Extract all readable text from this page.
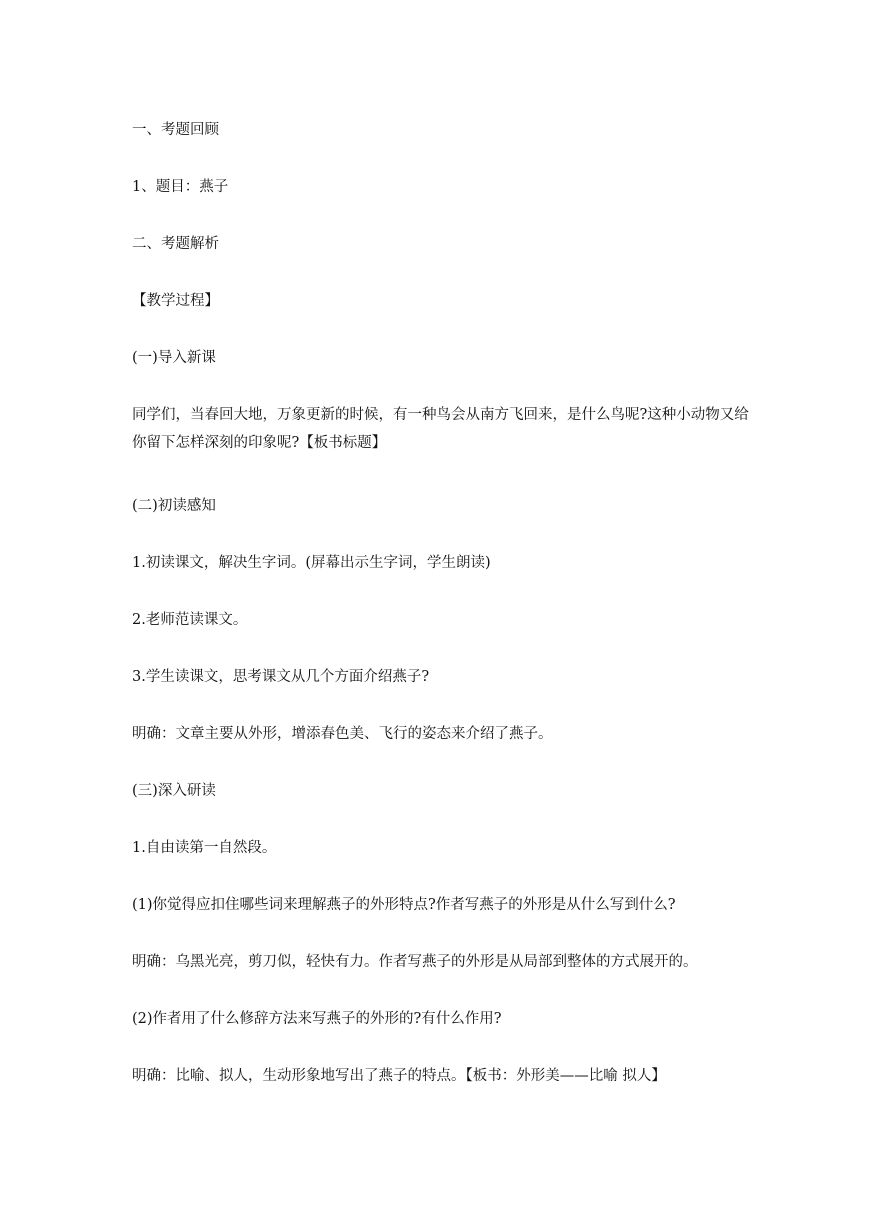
一、考题回顾
1、题目：燕子
二、考题解析
【教学过程】
(一)导入新课
同学们，当春回大地，万象更新的时候，有一种鸟会从南方飞回来，是什么鸟呢?这种小动物又给你留下怎样深刻的印象呢?【板书标题】
(二)初读感知
1.初读课文，解决生字词。(屏幕出示生字词，学生朗读)
2.老师范读课文。
3.学生读课文，思考课文从几个方面介绍燕子?
明确：文章主要从外形，增添春色美、飞行的姿态来介绍了燕子。
(三)深入研读
1.自由读第一自然段。
(1)你觉得应扣住哪些词来理解燕子的外形特点?作者写燕子的外形是从什么写到什么?
明确：乌黑光亮，剪刀似，轻快有力。作者写燕子的外形是从局部到整体的方式展开的。
(2)作者用了什么修辞方法来写燕子的外形的?有什么作用?
明确：比喻、拟人，生动形象地写出了燕子的特点。【板书：外形美——比喻 拟人】
